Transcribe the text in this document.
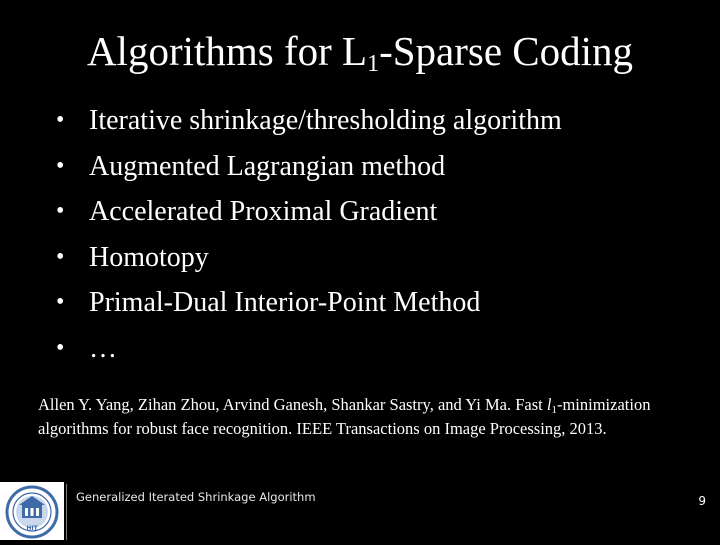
Algorithms for $L_1$-Sparse Coding
• Iterative shrinkage/thresholding algorithm
• Augmented Lagrangian method
• Accelerated Proximal Gradient
• Homotopy
• Primal-Dual Interior-Point Method
• …
Allen Y. Yang, Zihan Zhou, Arvind Ganesh, Shankar Sastry, and Yi Ma. Fast $l_1$-minimization algorithms for robust face recognition. IEEE Transactions on Image Processing, 2013.
HIT
Generalized Iterated Shrinkage Algorithm	9
